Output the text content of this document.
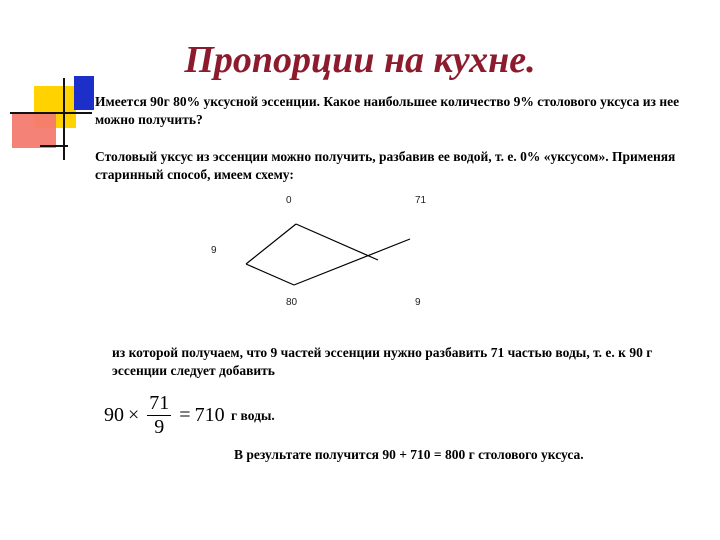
Пропорции на кухне.
Имеется 90г 80% уксусной эссенции. Какое наибольшее количество 9% столового уксуса из нее можно получить?
Столовый уксус из эссенции можно получить, разбавив ее водой, т. е. 0% «уксусом». Применяя старинный способ, имеем схему:
0	71
9
80	9
из которой получаем, что 9 частей эссенции нужно разбавить 71 частью воды, т. е. к 90 г эссенции следует добавить
$90 \times \frac{71}{9} = 710$ г воды.
В результате получится 90 + 710 = 800 г столового уксуса.
